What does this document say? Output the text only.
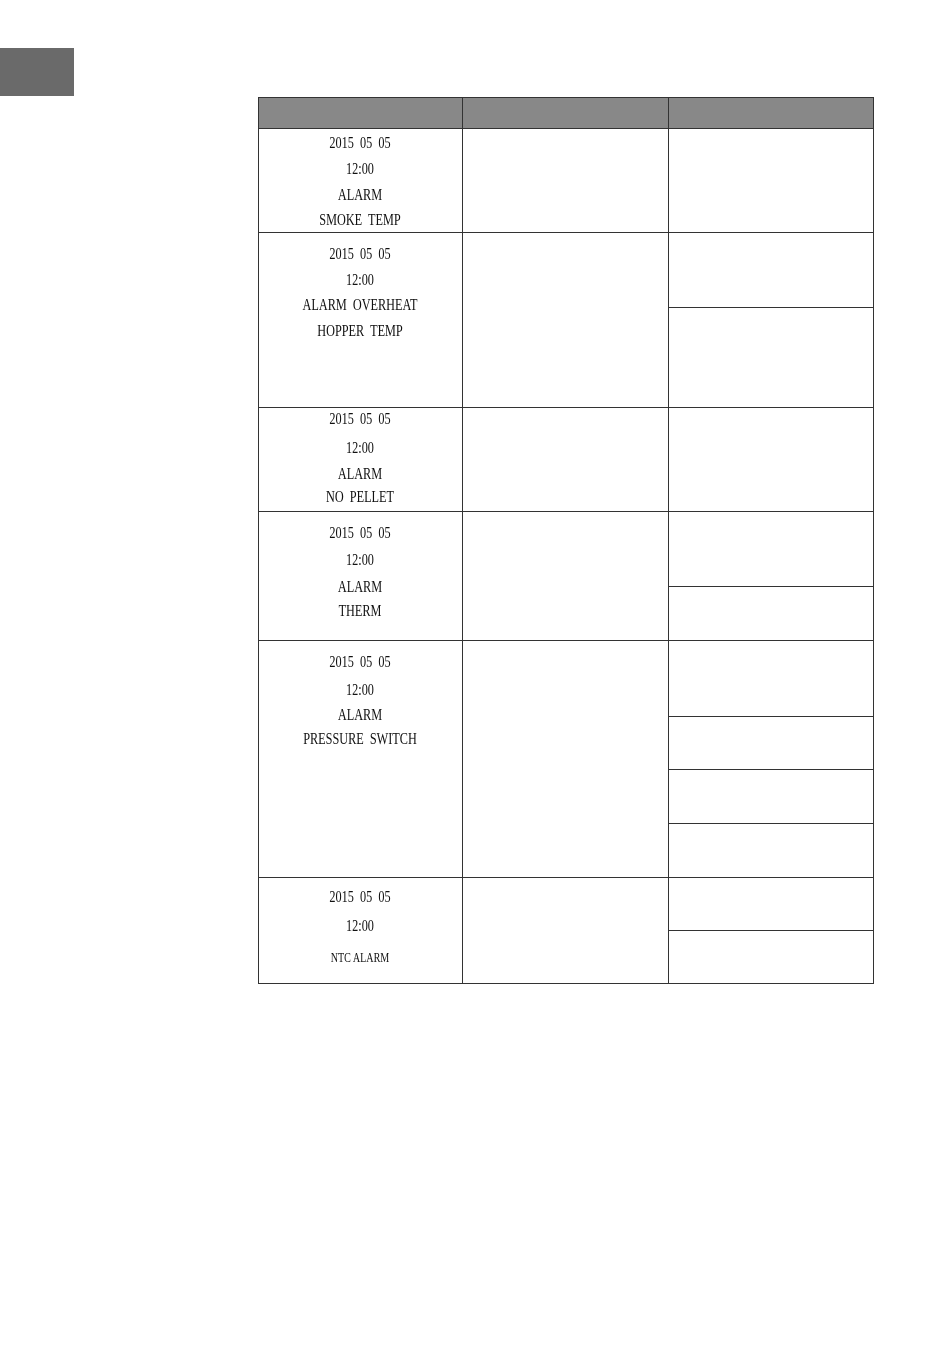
2015  05  05
12:00
ALARM
SMOKE  TEMP
2015  05  05
12:00
ALARM  OVERHEAT
HOPPER  TEMP
2015  05  05
12:00
ALARM
NO  PELLET
2015  05  05
12:00
ALARM
THERM
2015  05  05
12:00
ALARM
PRESSURE  SWITCH
2015  05  05
12:00
NTC ALARM
